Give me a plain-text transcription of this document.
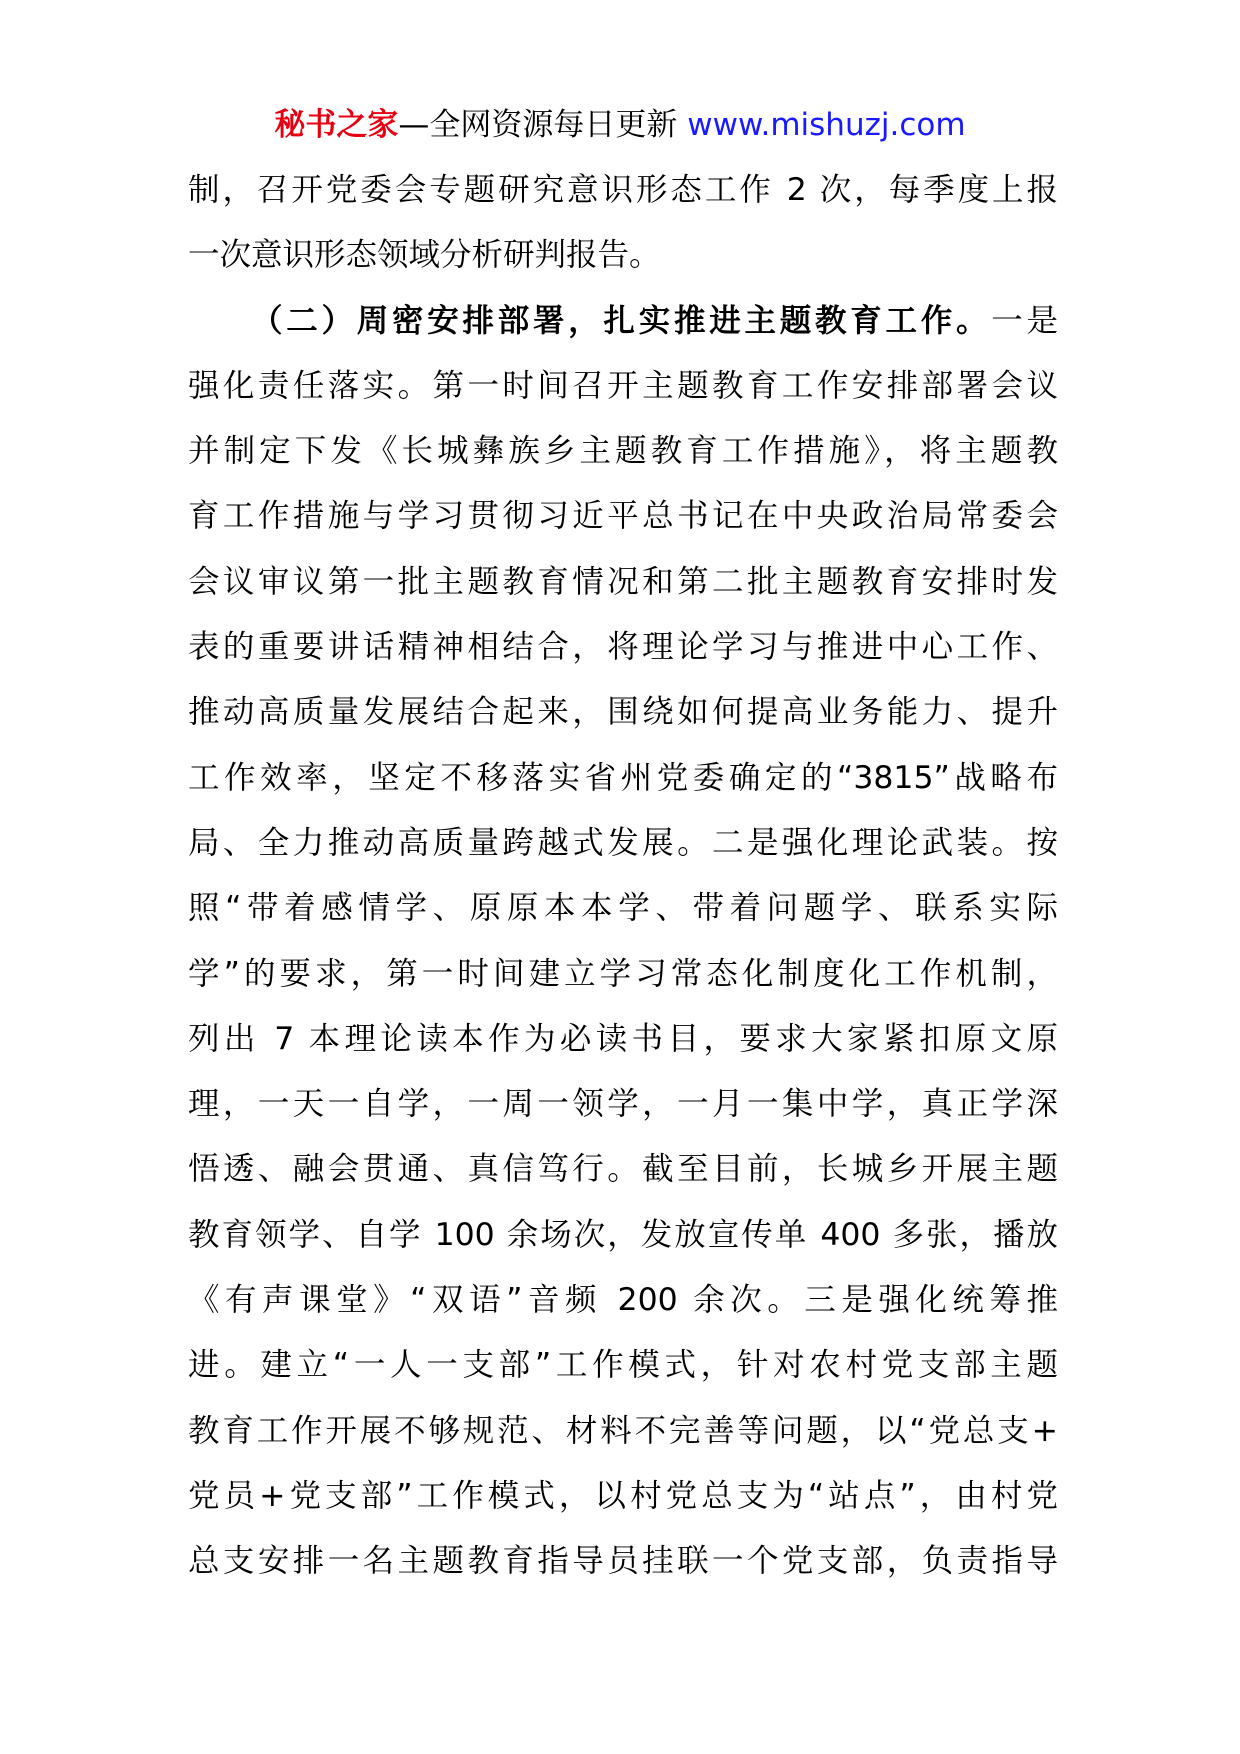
秘书之家—全网资源每日更新 www.mishuzj.com
制，召开党委会专题研究意识形态工作 2 次，每季度上报
一次意识形态领域分析研判报告。
（二）周密安排部署，扎实推进主题教育工作。一是
强化责任落实。第一时间召开主题教育工作安排部署会议
并制定下发《长城彝族乡主题教育工作措施》，将主题教
育工作措施与学习贯彻习近平总书记在中央政治局常委会
会议审议第一批主题教育情况和第二批主题教育安排时发
表的重要讲话精神相结合，将理论学习与推进中心工作、
推动高质量发展结合起来，围绕如何提高业务能力、提升
工作效率，坚定不移落实省州党委确定的“3815”战略布
局、全力推动高质量跨越式发展。二是强化理论武装。按
照“带着感情学、原原本本学、带着问题学、联系实际
学”的要求，第一时间建立学习常态化制度化工作机制，
列出 7 本理论读本作为必读书目，要求大家紧扣原文原
理，一天一自学，一周一领学，一月一集中学，真正学深
悟透、融会贯通、真信笃行。截至目前，长城乡开展主题
教育领学、自学 100 余场次，发放宣传单 400 多张，播放
《有声课堂》“双语”音频 200 余次。三是强化统筹推
进。建立“一人一支部”工作模式，针对农村党支部主题
教育工作开展不够规范、材料不完善等问题，以“党总支+
党员+党支部”工作模式，以村党总支为“站点”，由村党
总支安排一名主题教育指导员挂联一个党支部，负责指导
